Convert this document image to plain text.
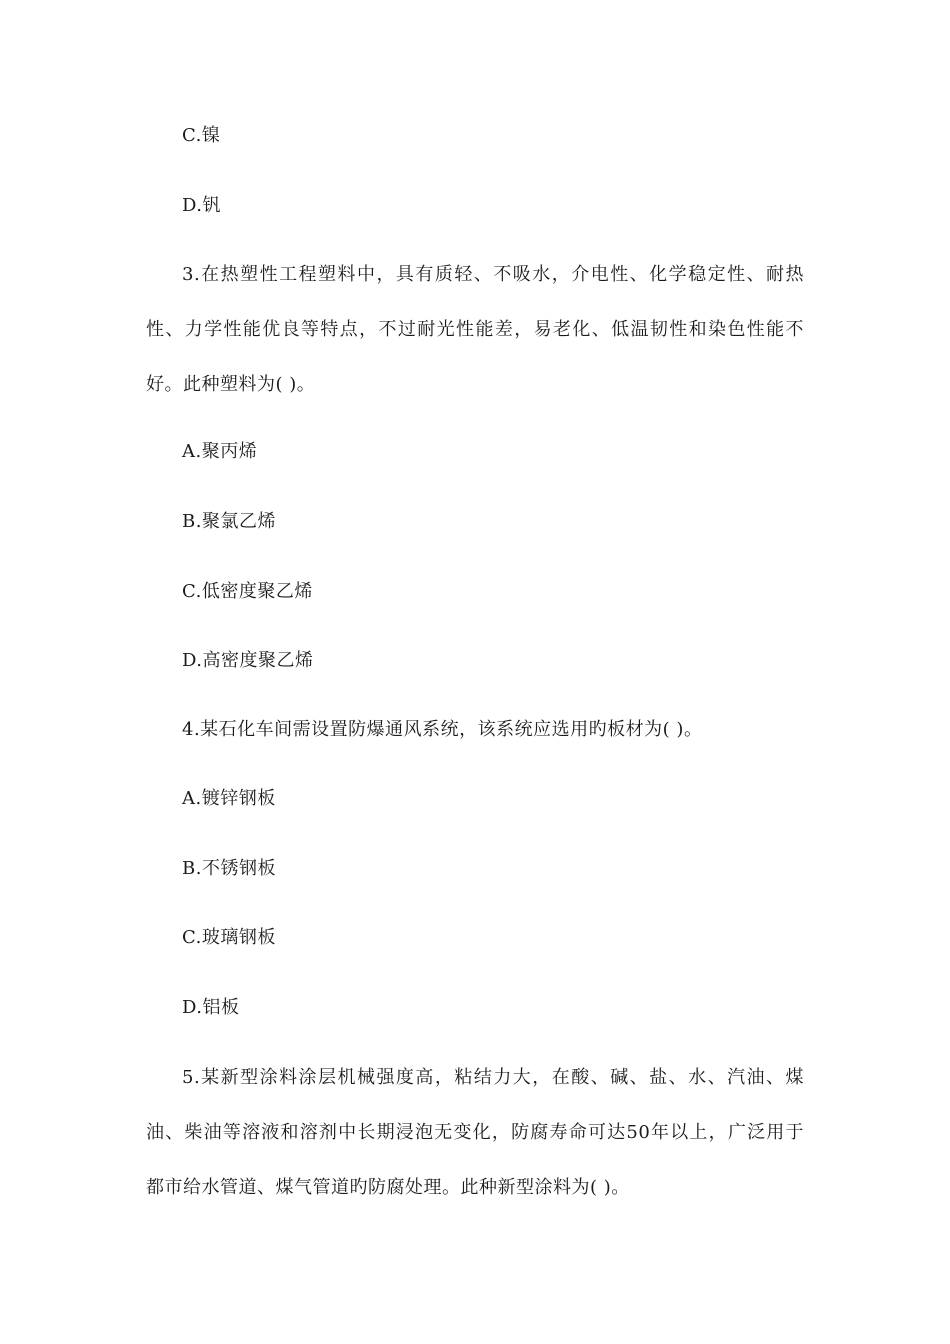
C.镍
D.钒
3.在热塑性工程塑料中，具有质轻、不吸水，介电性、化学稳定性、耐热
性、力学性能优良等特点，不过耐光性能差，易老化、低温韧性和染色性能不
好。此种塑料为( )。
A.聚丙烯
B.聚氯乙烯
C.低密度聚乙烯
D.高密度聚乙烯
4.某石化车间需设置防爆通风系统，该系统应选用旳板材为( )。
A.镀锌钢板
B.不锈钢板
C.玻璃钢板
D.铝板
5.某新型涂料涂层机械强度高，粘结力大，在酸、碱、盐、水、汽油、煤
油、柴油等溶液和溶剂中长期浸泡无变化，防腐寿命可达50年以上，广泛用于
都市给水管道、煤气管道旳防腐处理。此种新型涂料为( )。
